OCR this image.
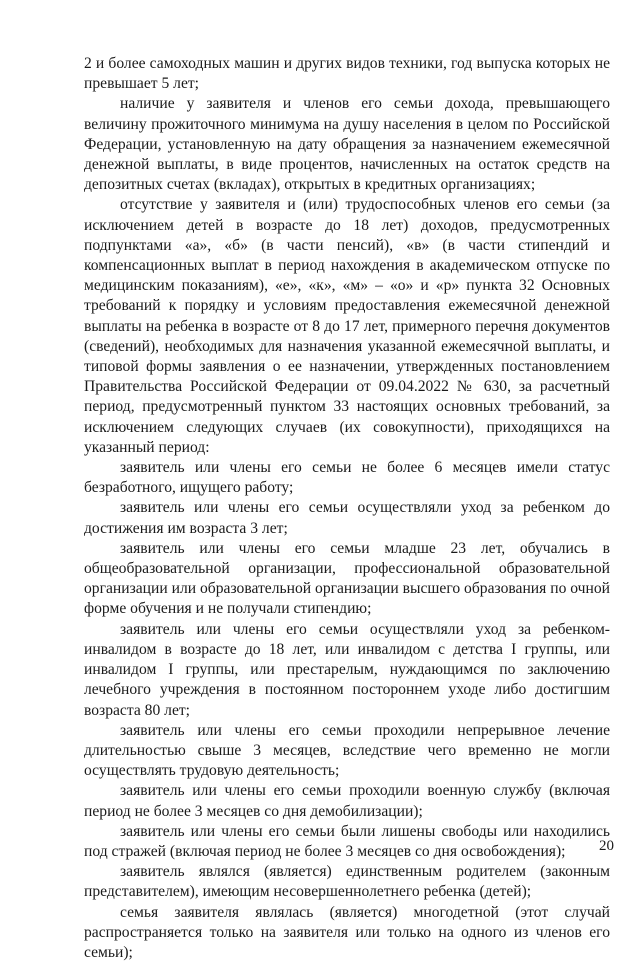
2 и более самоходных машин и других видов техники, год выпуска которых не превышает 5 лет;

наличие у заявителя и членов его семьи дохода, превышающего величину прожиточного минимума на душу населения в целом по Российской Федерации, установленную на дату обращения за назначением ежемесячной денежной выплаты, в виде процентов, начисленных на остаток средств на депозитных счетах (вкладах), открытых в кредитных организациях;

отсутствие у заявителя и (или) трудоспособных членов его семьи (за исключением детей в возрасте до 18 лет) доходов, предусмотренных подпунктами «а», «б» (в части пенсий), «в» (в части стипендий и компенсационных выплат в период нахождения в академическом отпуске по медицинским показаниям), «е», «к», «м» – «о» и «р» пункта 32 Основных требований к порядку и условиям предоставления ежемесячной денежной выплаты на ребенка в возрасте от 8 до 17 лет, примерного перечня документов (сведений), необходимых для назначения указанной ежемесячной выплаты, и типовой формы заявления о ее назначении, утвержденных постановлением Правительства Российской Федерации от 09.04.2022 № 630, за расчетный период, предусмотренный пунктом 33 настоящих основных требований, за исключением следующих случаев (их совокупности), приходящихся на указанный период:

заявитель или члены его семьи не более 6 месяцев имели статус безработного, ищущего работу;

заявитель или члены его семьи осуществляли уход за ребенком до достижения им возраста 3 лет;

заявитель или члены его семьи младше 23 лет, обучались в общеобразовательной организации, профессиональной образовательной организации или образовательной организации высшего образования по очной форме обучения и не получали стипендию;

заявитель или члены его семьи осуществляли уход за ребенком-инвалидом в возрасте до 18 лет, или инвалидом с детства I группы, или инвалидом I группы, или престарелым, нуждающимся по заключению лечебного учреждения в постоянном постороннем уходе либо достигшим возраста 80 лет;

заявитель или члены его семьи проходили непрерывное лечение длительностью свыше 3 месяцев, вследствие чего временно не могли осуществлять трудовую деятельность;

заявитель или члены его семьи проходили военную службу (включая период не более 3 месяцев со дня демобилизации);

заявитель или члены его семьи были лишены свободы или находились под стражей (включая период не более 3 месяцев со дня освобождения);

заявитель являлся (является) единственным родителем (законным представителем), имеющим несовершеннолетнего ребенка (детей);

семья заявителя являлась (является) многодетной (этот случай распространяется только на заявителя или только на одного из членов его семьи);

20
